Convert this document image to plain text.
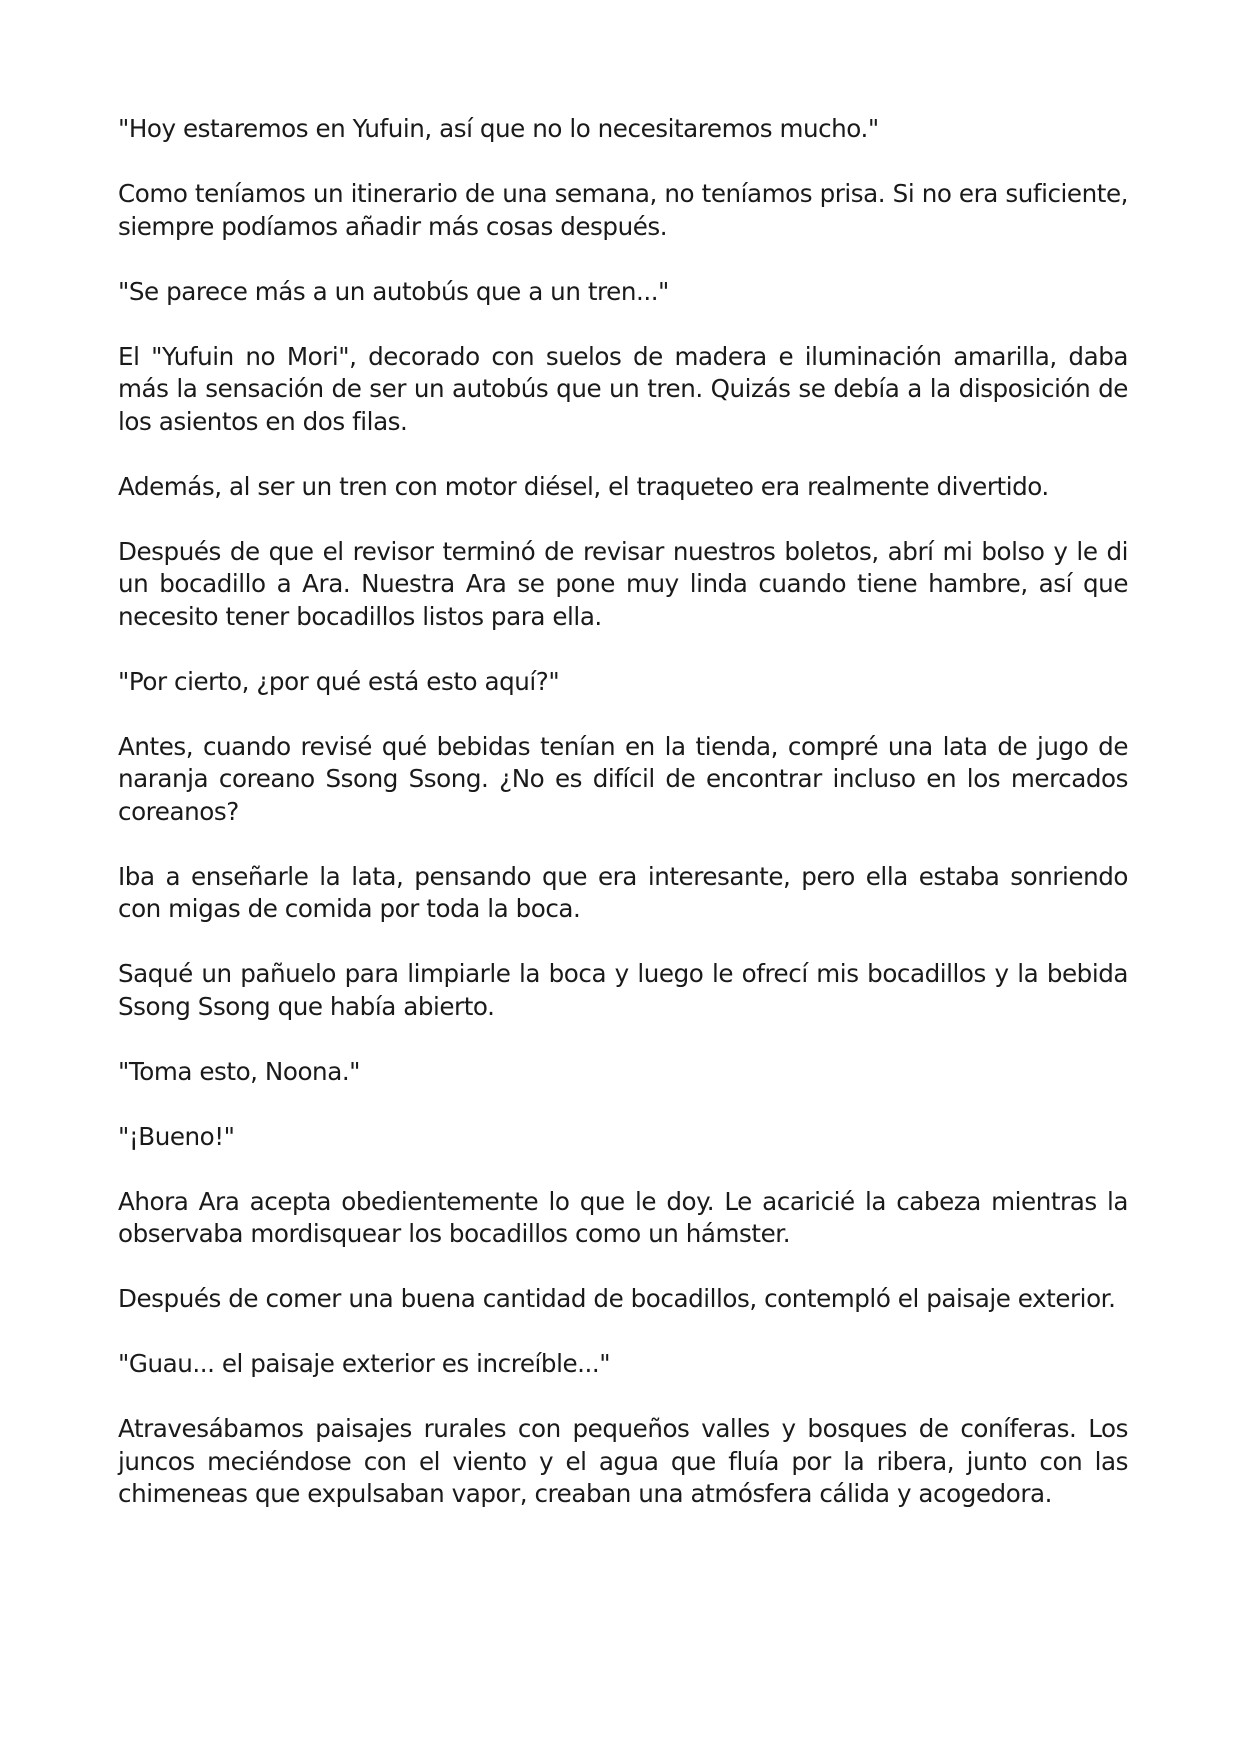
"Hoy estaremos en Yufuin, así que no lo necesitaremos mucho."

Como teníamos un itinerario de una semana, no teníamos prisa. Si no era suficiente, siempre podíamos añadir más cosas después.

"Se parece más a un autobús que a un tren..."

El "Yufuin no Mori", decorado con suelos de madera e iluminación amarilla, daba más la sensación de ser un autobús que un tren. Quizás se debía a la disposición de los asientos en dos filas.

Además, al ser un tren con motor diésel, el traqueteo era realmente divertido.

Después de que el revisor terminó de revisar nuestros boletos, abrí mi bolso y le di un bocadillo a Ara. Nuestra Ara se pone muy linda cuando tiene hambre, así que necesito tener bocadillos listos para ella.

"Por cierto, ¿por qué está esto aquí?"

Antes, cuando revisé qué bebidas tenían en la tienda, compré una lata de jugo de naranja coreano Ssong Ssong. ¿No es difícil de encontrar incluso en los mercados coreanos?

Iba a enseñarle la lata, pensando que era interesante, pero ella estaba sonriendo con migas de comida por toda la boca.

Saqué un pañuelo para limpiarle la boca y luego le ofrecí mis bocadillos y la bebida Ssong Ssong que había abierto.

"Toma esto, Noona."

"¡Bueno!"

Ahora Ara acepta obedientemente lo que le doy. Le acaricié la cabeza mientras la observaba mordisquear los bocadillos como un hámster.

Después de comer una buena cantidad de bocadillos, contempló el paisaje exterior.

"Guau... el paisaje exterior es increíble..."

Atravesábamos paisajes rurales con pequeños valles y bosques de coníferas. Los juncos meciéndose con el viento y el agua que fluía por la ribera, junto con las chimeneas que expulsaban vapor, creaban una atmósfera cálida y acogedora.
